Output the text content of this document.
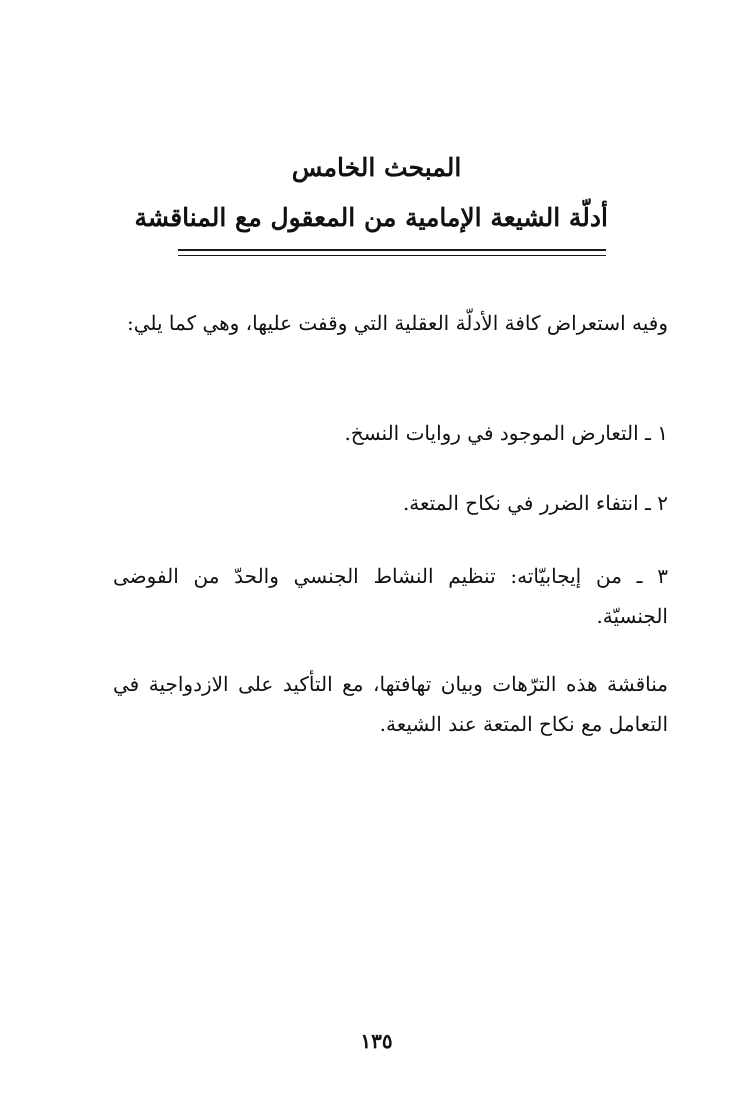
المبحث الخامس
أدلّة الشيعة الإمامية من المعقول مع المناقشة

وفيه استعراض كافة الأدلّة العقلية التي وقفت عليها، وهي كما يلي:

١ ـ التعارض الموجود في روايات النسخ.

٢ ـ انتفاء الضرر في نكاح المتعة.

٣ ـ من إيجابيّاته: تنظيم النشاط الجنسي والحدّ من الفوضى الجنسيّة.

مناقشة هذه الترّهات وبيان تهافتها، مع التأكيد على الازدواجية في التعامل مع نكاح المتعة عند الشيعة.

١٣٥
